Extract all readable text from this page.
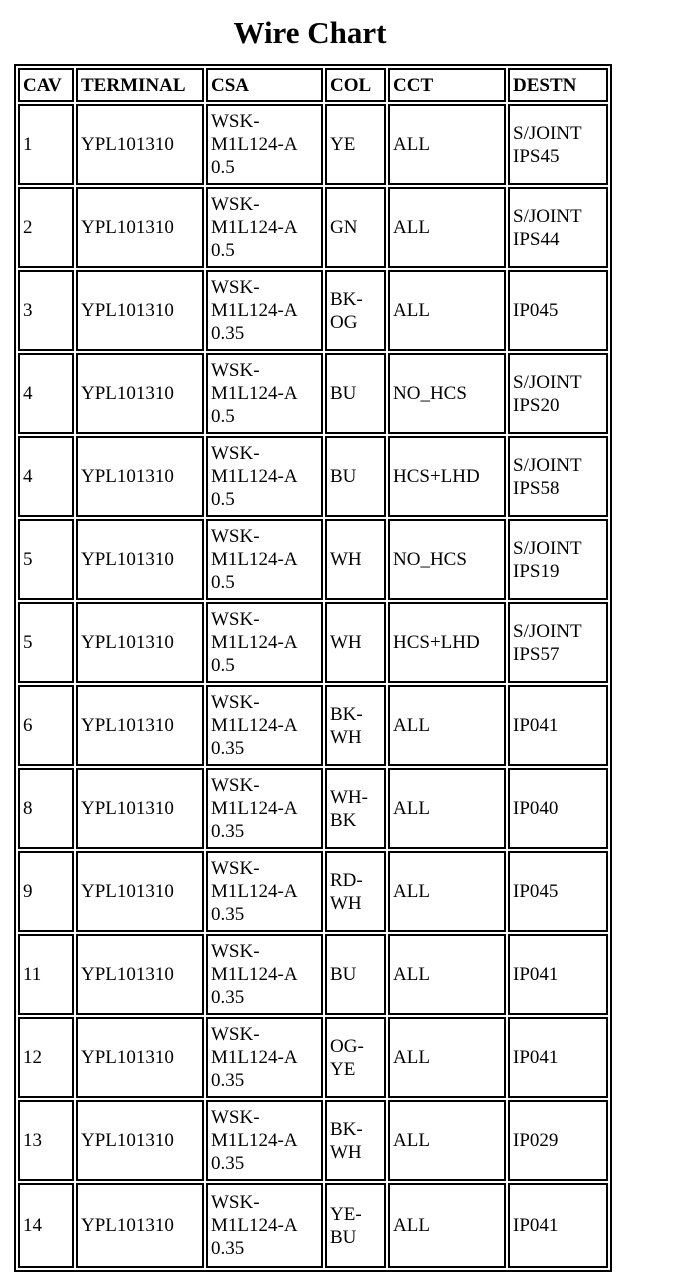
Wire Chart
CAV	TERMINAL	CSA	COL	CCT	DESTN
1	YPL101310	WSK-
M1L124-A
0.5	YE	ALL	S/JOINT
IPS45

2	YPL101310	WSK-
M1L124-A
0.5	GN	ALL	S/JOINT
IPS44

3	YPL101310	WSK-
M1L124-A
0.35	BK-
OG	ALL	IP045

4	YPL101310	WSK-
M1L124-A
0.5	BU	NO_HCS	S/JOINT
IPS20

4	YPL101310	WSK-
M1L124-A
0.5	BU	HCS+LHD	S/JOINT
IPS58

5	YPL101310	WSK-
M1L124-A
0.5	WH	NO_HCS	S/JOINT
IPS19

5	YPL101310	WSK-
M1L124-A
0.5	WH	HCS+LHD	S/JOINT
IPS57

6	YPL101310	WSK-
M1L124-A
0.35	BK-
WH	ALL	IP041

8	YPL101310	WSK-
M1L124-A
0.35	WH-
BK	ALL	IP040

9	YPL101310	WSK-
M1L124-A
0.35	RD-
WH	ALL	IP045

11	YPL101310	WSK-
M1L124-A
0.35	BU	ALL	IP041

12	YPL101310	WSK-
M1L124-A
0.35	OG-
YE	ALL	IP041

13	YPL101310	WSK-
M1L124-A
0.35	BK-
WH	ALL	IP029

14	YPL101310	WSK-
M1L124-A
0.35	YE-
BU	ALL	IP041
